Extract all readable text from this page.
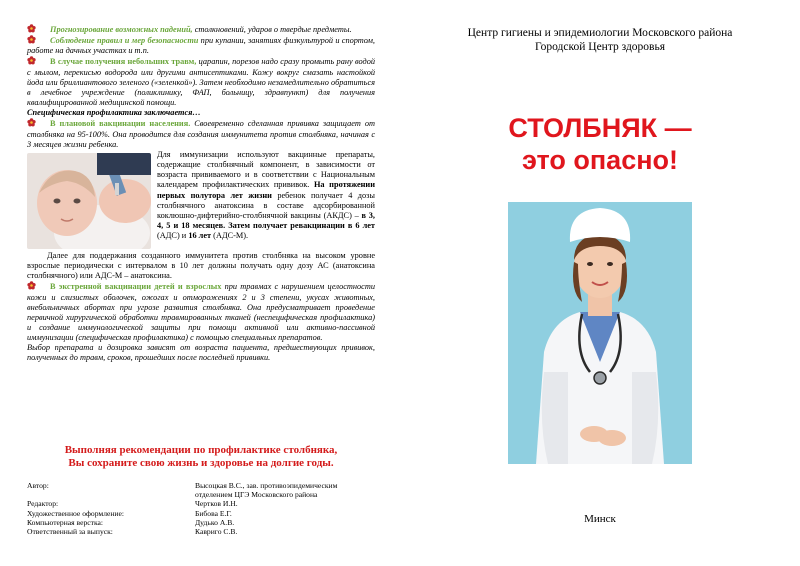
Прогнозирование возможных падений, столкновений, ударов о твердые предметы.

Соблюдение правил и мер безопасности при купании, занятиях физкультурой и спортом, работе на дачных участках и т.п.

В случае получения небольших травм, царапин, порезов надо сразу промыть рану водой с мылом, перекисью водорода или другими антисептиками. Кожу вокруг смазать настойкой йода или бриллиантового зеленого («зеленкой»). Затем необходимо незамедлительно обратиться в лечебное учреждение (поликлинику, ФАП, больницу, здравпункт) для получения квалифицированной медицинской помощи.

Специфическая профилактика заключается…

В плановой вакцинации населения. Своевременно сделанная прививка защищает от столбняка на 95-100%. Она проводится для создания иммунитета против столбняка, начиная с 3 месяцев жизни ребенка.

Для иммунизации используют вакцинные препараты, содержащие столбнячный компонент, в зависимости от возраста прививаемого и в соответствии с Национальным календарем профилактических прививок. На протяжении первых полутора лет жизни ребенок получает 4 дозы столбнячного анатоксина в составе адсорбированной коклюшно-дифтерийно-столбнячной вакцины (АКДС) – в 3, 4, 5 и 18 месяцев. Затем получает ревакцинации в 6 лет (АДС) и 16 лет (АДС-М).

Далее для поддержания созданного иммунитета против столбняка на высоком уровне взрослые периодически с интервалом в 10 лет должны получать одну дозу АС (анатоксина столбнячного) или АДС-М – анатоксина.

В экстренной вакцинации детей и взрослых при травмах с нарушением целостности кожи и слизистых оболочек, ожогах и отморожениях 2 и 3 степени, укусах животных, внебольничных абортах при угрозе развития столбняка. Она предусматривает проведение первичной хирургической обработки травмированных тканей (неспецифическая профилактика) и создание иммунологической защиты при помощи активной или активно-пассивной иммунизации (специфическая профилактика) с помощью специальных препаратов.

Выбор препарата и дозировка зависят от возраста пациента, предшествующих прививок, полученных до травм, сроков, прошедших после последней прививки.

Выполняя рекомендации по профилактике столбняка,
Вы сохраните свою жизнь и здоровье на долгие годы.
Автор:	Высоцкая В.С., зав. противоэпидемическим отделением ЦГЭ Московского района
Редактор:	Чертков И.Н.
Художественное оформление:	Бибова Е.Г.
Компьютерная верстка:	Дудько А.В.
Ответственный за выпуск:	Кавриго С.В.
Центр гигиены и эпидемиологии Московского района
Городской Центр здоровья
СТОЛБНЯК —
это опасно!
Минск
